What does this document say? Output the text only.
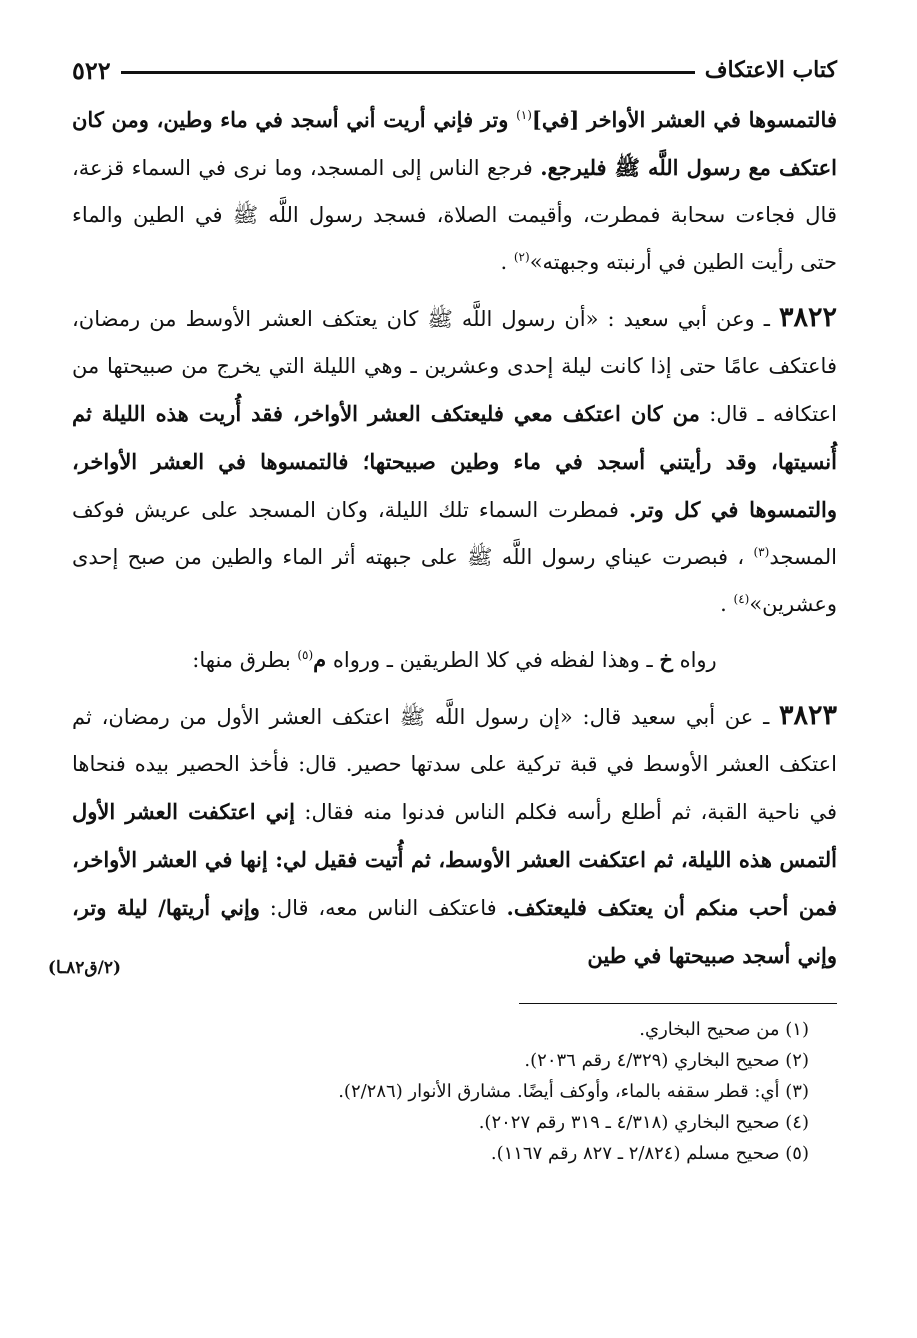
كتاب الاعتكاف
٥٢٢

فالتمسوها في العشر الأواخر [في]$^{(١)}$ وتر فإني أريت أني أسجد في ماء وطين، ومن كان اعتكف مع رسول اللَّه ﷺ فليرجع. فرجع الناس إلى المسجد، وما نرى في السماء قزعة، قال فجاءت سحابة فمطرت، وأقيمت الصلاة، فسجد رسول اللَّه ﷺ في الطين والماء حتى رأيت الطين في أرنبته وجبهته»$^{(٢)}$ .

٣٨٢٢ ـ وعن أبي سعيد : «أن رسول اللَّه ﷺ كان يعتكف العشر الأوسط من رمضان، فاعتكف عامًا حتى إذا كانت ليلة إحدى وعشرين ـ وهي الليلة التي يخرج من صبيحتها من اعتكافه ـ قال: من كان اعتكف معي فليعتكف العشر الأواخر، فقد أُريت هذه الليلة ثم أُنسيتها، وقد رأيتني أسجد في ماء وطين صبيحتها؛ فالتمسوها في العشر الأواخر، والتمسوها في كل وتر. فمطرت السماء تلك الليلة، وكان المسجد على عريش فوكف المسجد$^{(٣)}$ ، فبصرت عيناي رسول اللَّه ﷺ على جبهته أثر الماء والطين من صبح إحدى وعشرين»$^{(٤)}$ .

رواه خ ـ وهذا لفظه في كلا الطريقين ـ ورواه م$^{(٥)}$ بطرق منها:

٣٨٢٣ ـ عن أبي سعيد قال: «إن رسول اللَّه ﷺ اعتكف العشر الأول من رمضان، ثم اعتكف العشر الأوسط في قبة تركية على سدتها حصير. قال: فأخذ الحصير بيده فنحاها في ناحية القبة، ثم أطلع رأسه فكلم الناس فدنوا منه فقال: إني اعتكفت العشر الأول ألتمس هذه الليلة، ثم اعتكفت العشر الأوسط، ثم أُتيت فقيل لي: إنها في العشر الأواخر، فمن أحب منكم أن يعتكف فليعتكف. فاعتكف الناس معه، قال: وإني أريتها/ ليلة وتر، وإني أسجد صبيحتها في طين

(٢/ق٨٢ـا)

(١) من صحيح البخاري.

(٢) صحيح البخاري (٤/٣٢٩ رقم ٢٠٣٦).

(٣) أي: قطر سقفه بالماء، وأوكف أيضًا. مشارق الأنوار (٢/٢٨٦).

(٤) صحيح البخاري (٤/٣١٨ ـ ٣١٩ رقم ٢٠٢٧).

(٥) صحيح مسلم (٢/٨٢٤ ـ ٨٢٧ رقم ١١٦٧).
